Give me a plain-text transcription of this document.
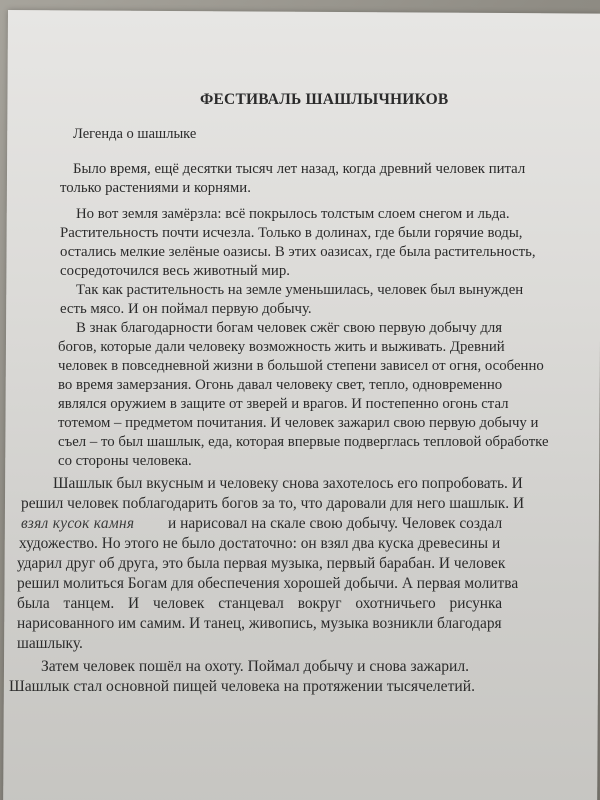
ФЕСТИВАЛЬ ШАШЛЫЧНИКОВ
Легенда о шашлыке
Было время, ещё десятки тысяч лет назад, когда древний человек питал
только растениями и корнями.
Но вот земля замёрзла: всё покрылось толстым слоем снегом и льда.
Растительность почти исчезла. Только в долинах, где были горячие воды,
остались мелкие зелёные оазисы. В этих оазисах, где была растительность,
сосредоточился весь животный мир.
Так как растительность на земле уменьшилась, человек был вынужден
есть мясо. И он поймал первую добычу.
В знак благодарности богам человек сжёг свою первую добычу для
богов, которые дали человеку возможность жить и выживать. Древний
человек в повседневной жизни в большой степени зависел от огня, особенно
во время замерзания. Огонь давал человеку свет, тепло, одновременно
являлся оружием в защите от зверей и врагов. И постепенно огонь стал
тотемом – предметом почитания. И человек зажарил свою первую добычу и
съел – то был шашлык, еда, которая впервые подверглась тепловой обработке
со стороны человека.
Шашлык был вкусным и человеку снова захотелось его попробовать. И
решил человек поблагодарить богов за то, что даровали для него шашлык. И
взял кусок камня и нарисовал на скале свою добычу. Человек создал
художество. Но этого не было достаточно: он взял два куска древесины и
ударил друг об друга, это была первая музыка, первый барабан. И человек
решил молиться Богам для обеспечения хорошей добычи. А первая молитва
была танцем. И человек станцевал вокруг охотничьего рисунка
нарисованного им самим. И танец, живопись, музыка возникли благодаря
шашлыку.
Затем человек пошёл на охоту. Поймал добычу и снова зажарил.
Шашлык стал основной пищей человека на протяжении тысячелетий.
